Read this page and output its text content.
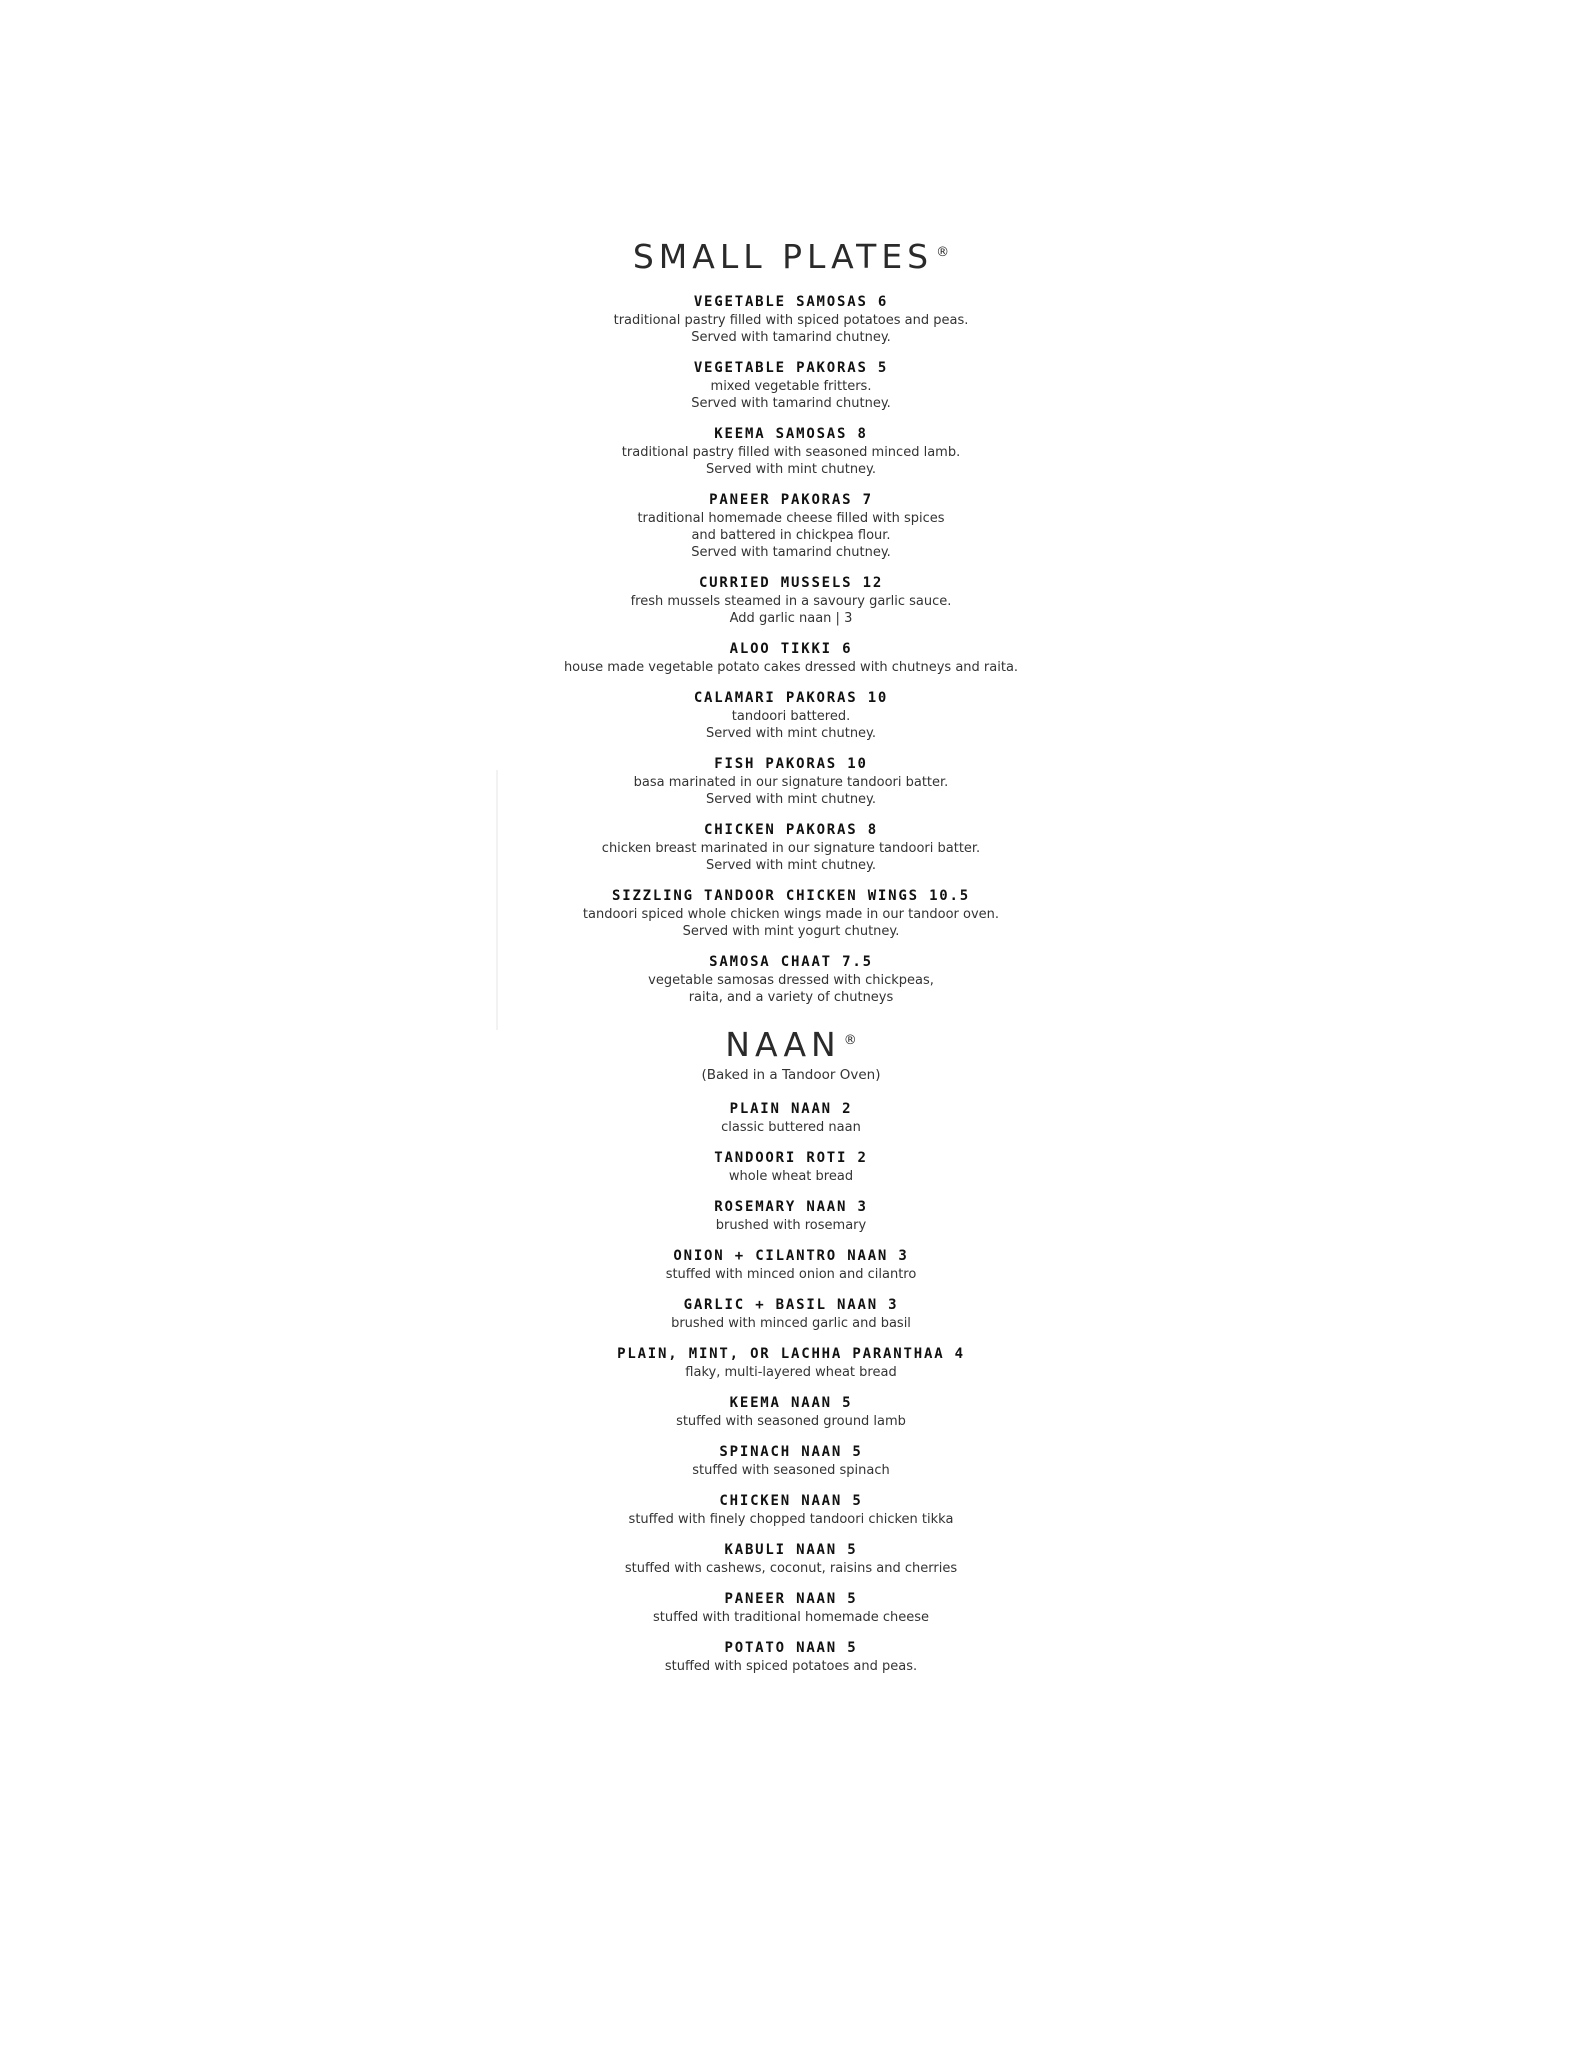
SMALL PLATES ®
VEGETABLE SAMOSAS 6
traditional pastry filled with spiced potatoes and peas.
Served with tamarind chutney.
VEGETABLE PAKORAS 5
mixed vegetable fritters.
Served with tamarind chutney.
KEEMA SAMOSAS 8
traditional pastry filled with seasoned minced lamb.
Served with mint chutney.
PANEER PAKORAS 7
traditional homemade cheese filled with spices
and battered in chickpea flour.
Served with tamarind chutney.
CURRIED MUSSELS 12
fresh mussels steamed in a savoury garlic sauce.
Add garlic naan | 3
ALOO TIKKI 6
house made vegetable potato cakes dressed with chutneys and raita.
CALAMARI PAKORAS 10
tandoori battered.
Served with mint chutney.
FISH PAKORAS 10
basa marinated in our signature tandoori batter.
Served with mint chutney.
CHICKEN PAKORAS 8
chicken breast marinated in our signature tandoori batter.
Served with mint chutney.
SIZZLING TANDOOR CHICKEN WINGS 10.5
tandoori spiced whole chicken wings made in our tandoor oven.
Served with mint yogurt chutney.
SAMOSA CHAAT 7.5
vegetable samosas dressed with chickpeas,
raita, and a variety of chutneys
NAAN ®
(Baked in a Tandoor Oven)
PLAIN NAAN 2
classic buttered naan
TANDOORI ROTI 2
whole wheat bread
ROSEMARY NAAN 3
brushed with rosemary
ONION + CILANTRO NAAN 3
stuffed with minced onion and cilantro
GARLIC + BASIL NAAN 3
brushed with minced garlic and basil
PLAIN, MINT, OR LACHHA PARANTHAA 4
flaky, multi-layered wheat bread
KEEMA NAAN 5
stuffed with seasoned ground lamb
SPINACH NAAN 5
stuffed with seasoned spinach
CHICKEN NAAN 5
stuffed with finely chopped tandoori chicken tikka
KABULI NAAN 5
stuffed with cashews, coconut, raisins and cherries
PANEER NAAN 5
stuffed with traditional homemade cheese
POTATO NAAN 5
stuffed with spiced potatoes and peas.
